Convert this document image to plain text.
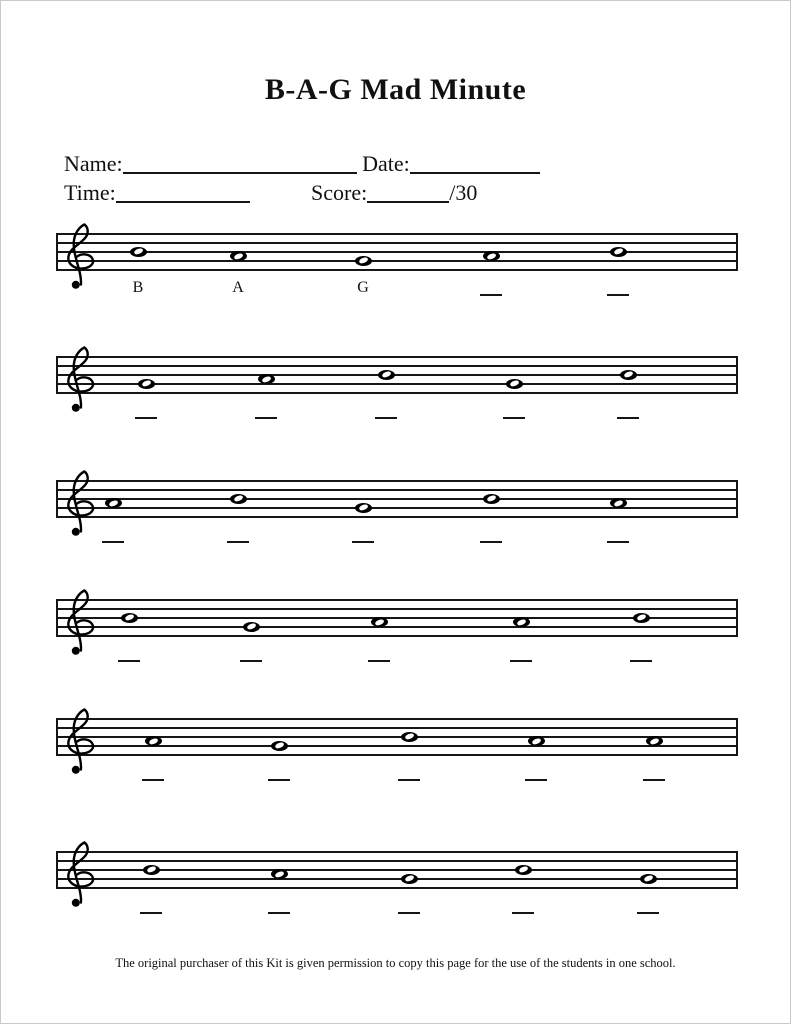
B-A-G Mad Minute
Name:	Date:
Time:	Score:	/30
B	A	G
The original purchaser of this Kit is given permission to copy this page for the use of the students in one school.
